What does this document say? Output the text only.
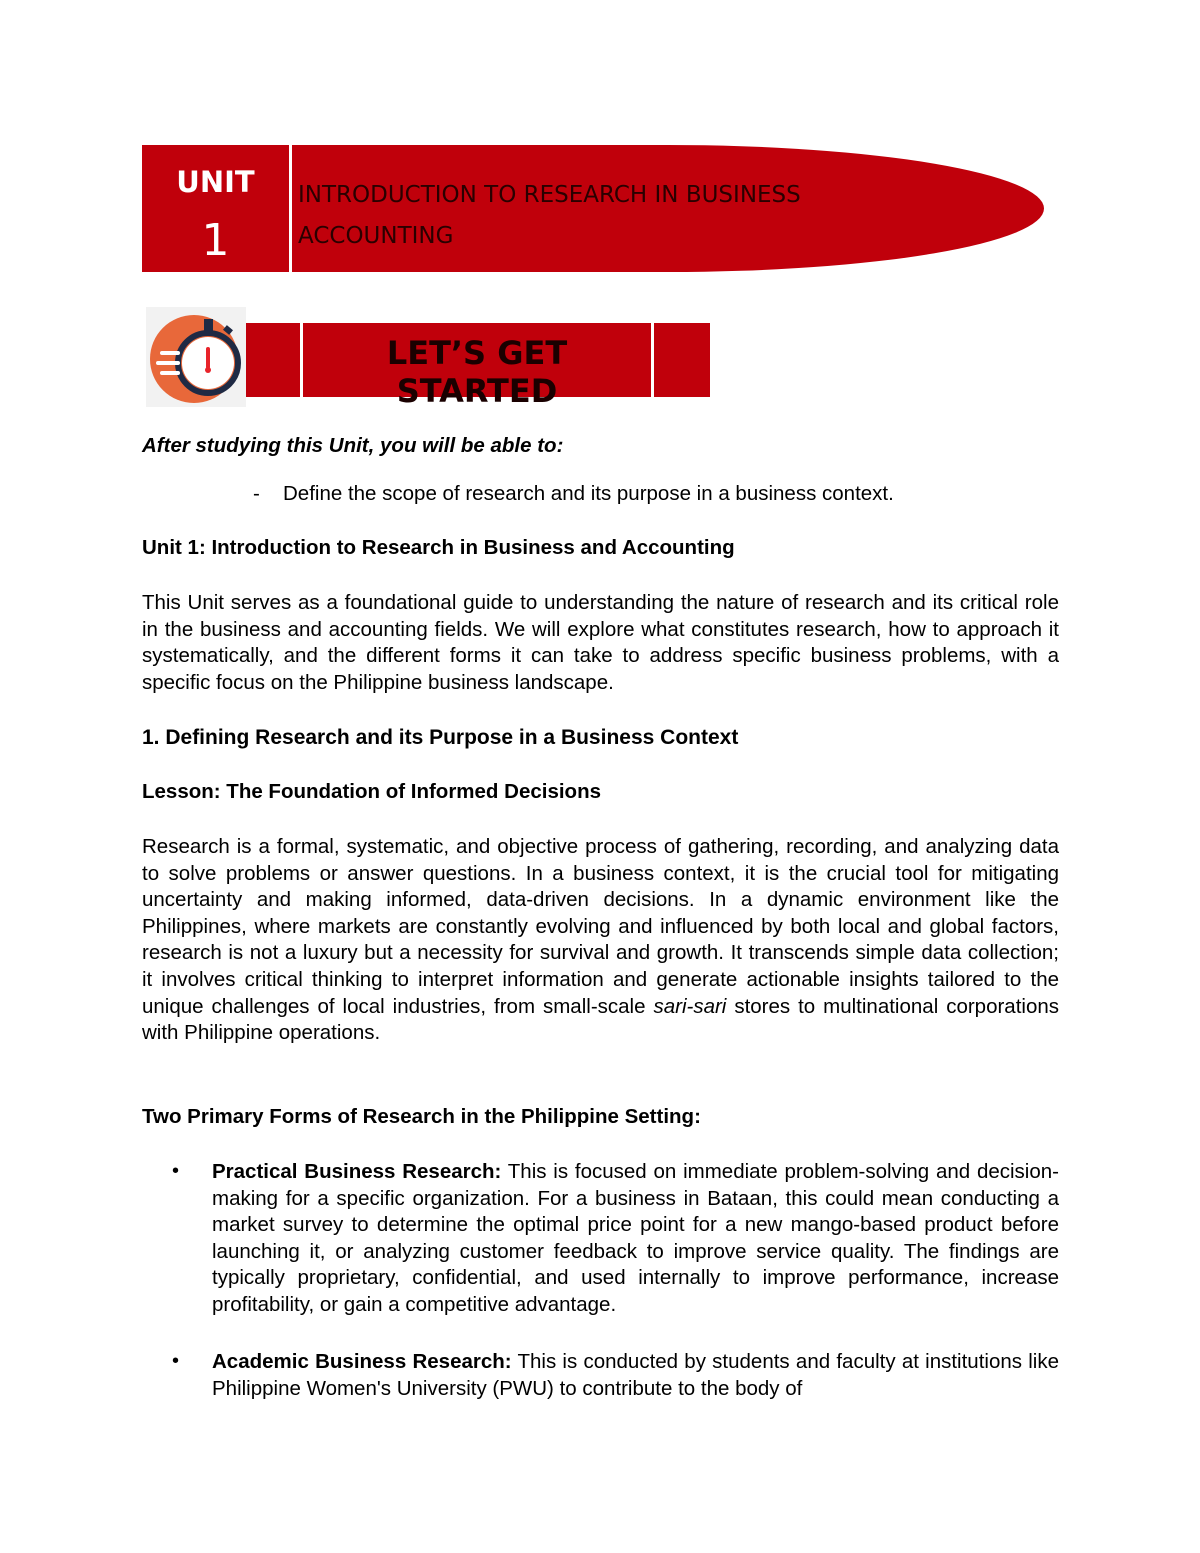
UNIT
1
INTRODUCTION TO RESEARCH IN BUSINESS
ACCOUNTING
LET’S GET STARTED
After studying this Unit, you will be able to:
- Define the scope of research and its purpose in a business context.
Unit 1: Introduction to Research in Business and Accounting
This Unit serves as a foundational guide to understanding the nature of research and its critical role in the business and accounting fields. We will explore what constitutes research, how to approach it systematically, and the different forms it can take to address specific business problems, with a specific focus on the Philippine business landscape.
1. Defining Research and its Purpose in a Business Context
Lesson: The Foundation of Informed Decisions
Research is a formal, systematic, and objective process of gathering, recording, and analyzing data to solve problems or answer questions. In a business context, it is the crucial tool for mitigating uncertainty and making informed, data-driven decisions. In a dynamic environment like the Philippines, where markets are constantly evolving and influenced by both local and global factors, research is not a luxury but a necessity for survival and growth. It transcends simple data collection; it involves critical thinking to interpret information and generate actionable insights tailored to the unique challenges of local industries, from small-scale sari-sari stores to multinational corporations with Philippine operations.
Two Primary Forms of Research in the Philippine Setting:
• Practical Business Research: This is focused on immediate problem-solving and decision-making for a specific organization. For a business in Bataan, this could mean conducting a market survey to determine the optimal price point for a new mango-based product before launching it, or analyzing customer feedback to improve service quality. The findings are typically proprietary, confidential, and used internally to improve performance, increase profitability, or gain a competitive advantage.
• Academic Business Research: This is conducted by students and faculty at institutions like Philippine Women's University (PWU) to contribute to the body of
